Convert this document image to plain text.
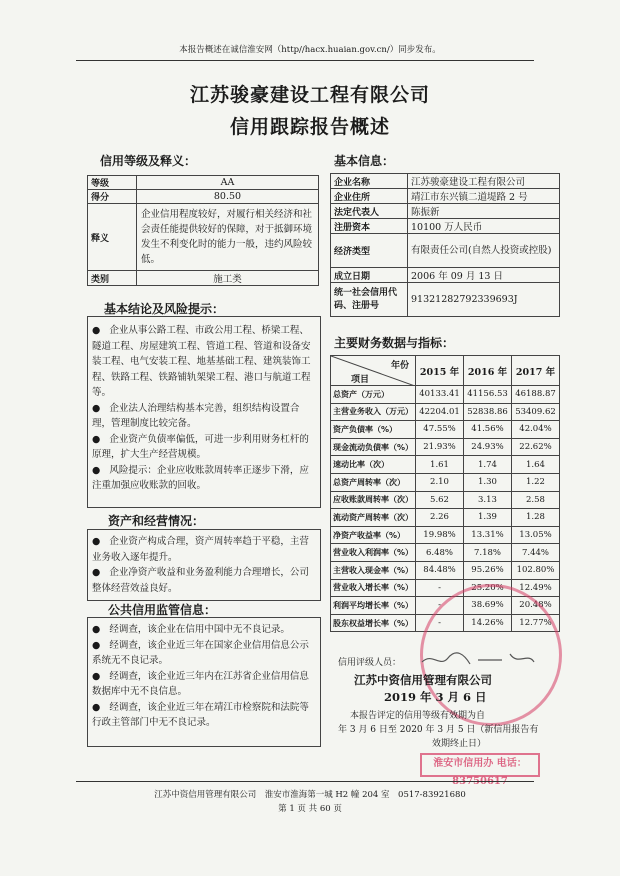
本报告概述在诚信淮安网（http//hacx.huaian.gov.cn/）同步发布。
江苏骏豪建设工程有限公司
信用跟踪报告概述
信用等级及释义：
等级	AA
得分	80.50
释义	企业信用程度较好，对履行相关经济和社会责任能提供较好的保障，对于抵御环境发生不利变化时的能力一般，违约风险较低。
类别	施工类
基本信息：
企业名称	江苏骏豪建设工程有限公司
企业住所	靖江市东兴镇二道堤路 2 号
法定代表人	陈振新
注册资本	10100 万人民币
经济类型	有限责任公司(自然人投资或控股)
成立日期	2006 年 09 月 13 日
统一社会信用代码、注册号	91321282792339693J
基本结论及风险提示：

● 企业从事公路工程、市政公用工程、桥梁工程、隧道工程、房屋建筑工程、管道工程、管道和设备安装工程、电气安装工程、地基基础工程、建筑装饰工程、铁路工程、铁路铺轨架梁工程、港口与航道工程等。

● 企业法人治理结构基本完善，组织结构设置合理，管理制度比较完备。

● 企业资产负债率偏低，可进一步利用财务杠杆的原理，扩大生产经营规模。

● 风险提示：企业应收账款周转率正逐步下滑，应注重加强应收账款的回收。

资产和经营情况：

● 企业资产构成合理，资产周转率趋于平稳，主营业务收入逐年提升。

● 企业净资产收益和业务盈利能力合理增长，公司整体经营效益良好。

公共信用监管信息：

● 经调查，该企业在信用中国中无不良记录。

● 经调查，该企业近三年在国家企业信用信息公示系统无不良记录。

● 经调查，该企业近三年内在江苏省企业信用信息数据库中无不良信息。

● 经调查，该企业近三年在靖江市检察院和法院等行政主管部门中无不良记录。

主要财务数据与指标：
年份
项目	2015 年	2016 年	2017 年
总资产（万元）	40133.41	41156.53	46188.87
主营业务收入（万元）	42204.01	52838.86	53409.62
资产负债率（%）	47.55%	41.56%	42.04%
现金流动负债率（%）	21.93%	24.93%	22.62%
速动比率（次）	1.61	1.74	1.64
总资产周转率（次）	2.10	1.30	1.22
应收账款周转率（次）	5.62	3.13	2.58
流动资产周转率（次）	2.26	1.39	1.28
净资产收益率（%）	19.98%	13.31%	13.05%
营业收入利润率（%）	6.48%	7.18%	7.44%
主营收入现金率（%）	84.48%	95.26%	102.80%
营业收入增长率（%）	-	25.20%	12.49%
利润平均增长率（%）	-	38.69%	20.48%
股东权益增长率（%）	-	14.26%	12.77%
信用评级人员：
江苏中资信用管理有限公司
2019 年 3 月 6 日
本报告评定的信用等级有效期为自
年 3 月 6 日至 2020 年 3 月 5 日（新信用报告有
效期终止日）
淮安市信用办 电话：83750617
江苏中资信用管理有限公司　淮安市淮海第一城 H2 幢 204 室　0517-83921680
第 1 页 共 60 页
